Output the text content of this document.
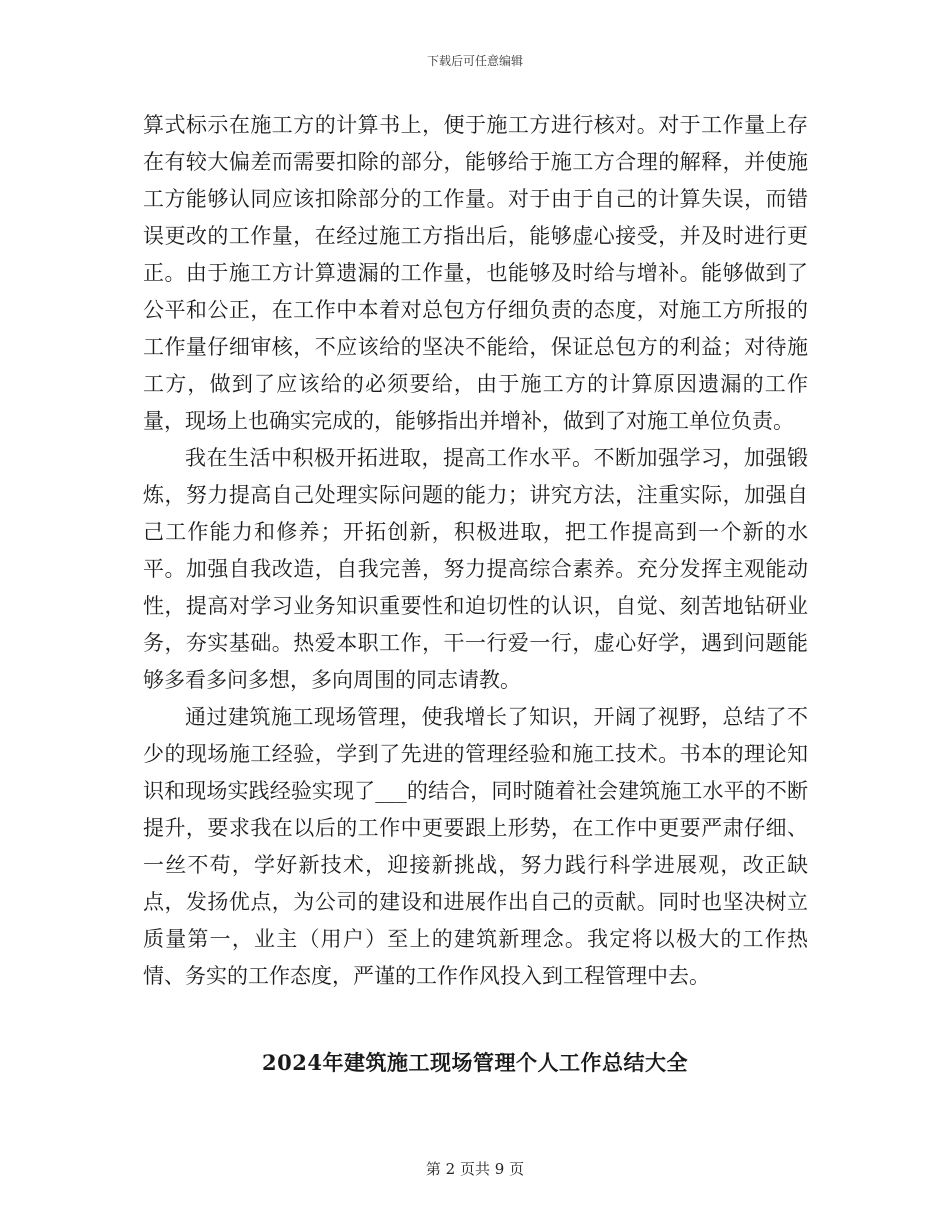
下载后可任意编辑

算式标示在施工方的计算书上，便于施工方进行核对。对于工作量上存在有较大偏差而需要扣除的部分，能够给于施工方合理的解释，并使施工方能够认同应该扣除部分的工作量。对于由于自己的计算失误，而错误更改的工作量，在经过施工方指出后，能够虚心接受，并及时进行更正。由于施工方计算遗漏的工作量，也能够及时给与增补。能够做到了公平和公正，在工作中本着对总包方仔细负责的态度，对施工方所报的工作量仔细审核，不应该给的坚决不能给，保证总包方的利益；对待施工方，做到了应该给的必须要给，由于施工方的计算原因遗漏的工作量，现场上也确实完成的，能够指出并增补，做到了对施工单位负责。

我在生活中积极开拓进取，提高工作水平。不断加强学习，加强锻炼，努力提高自己处理实际问题的能力；讲究方法，注重实际，加强自己工作能力和修养；开拓创新，积极进取，把工作提高到一个新的水平。加强自我改造，自我完善，努力提高综合素养。充分发挥主观能动性，提高对学习业务知识重要性和迫切性的认识，自觉、刻苦地钻研业务，夯实基础。热爱本职工作，干一行爱一行，虚心好学，遇到问题能够多看多问多想，多向周围的同志请教。

通过建筑施工现场管理，使我增长了知识，开阔了视野，总结了不少的现场施工经验，学到了先进的管理经验和施工技术。书本的理论知识和现场实践经验实现了___的结合，同时随着社会建筑施工水平的不断提升，要求我在以后的工作中更要跟上形势，在工作中更要严肃仔细、一丝不苟，学好新技术，迎接新挑战，努力践行科学进展观，改正缺点，发扬优点，为公司的建设和进展作出自己的贡献。同时也坚决树立质量第一，业主（用户）至上的建筑新理念。我定将以极大的工作热情、务实的工作态度，严谨的工作作风投入到工程管理中去。

2024年建筑施工现场管理个人工作总结大全
第 2 页共 9 页
